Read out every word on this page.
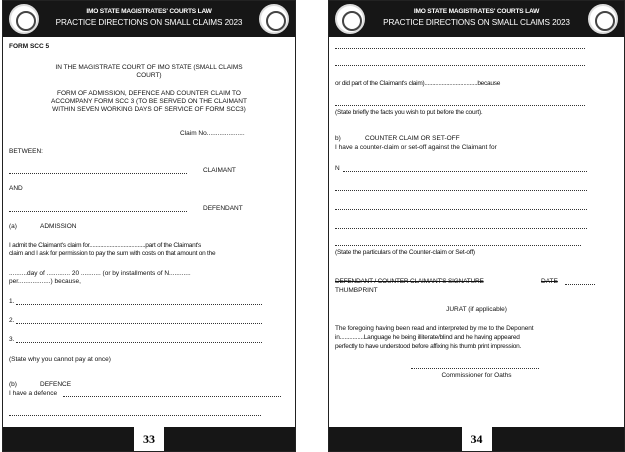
IMO STATE MAGISTRATES' COURTS LAW
PRACTICE DIRECTIONS ON SMALL CLAIMS 2023
FORM SCC 5
IN THE MAGISTRATE COURT OF IMO STATE (SMALL CLAIMS
COURT)
FORM OF ADMISSION, DEFENCE AND COUNTER CLAIM TO
ACCOMPANY FORM SCC 3 (TO BE SERVED ON THE CLAIMANT
WITHIN SEVEN WORKING DAYS OF SERVICE OF FORM SCC3)
Claim No.....................
BETWEEN:
CLAIMANT
AND
DEFENDANT
(a)	ADMISSION
I admit the Claimant's claim for....................................part of the Claimant's
claim and I ask for permission to pay the sum with costs on that amount on the
..........day of ............. 20 ........... (or by installments of N............
per..................) because,
1.
2.
3.
(State why you cannot pay at once)
(b)	DEFENCE
I have a defence
33
IMO STATE MAGISTRATES' COURTS LAW
PRACTICE DIRECTIONS ON SMALL CLAIMS 2023
or did part of the Claimant's claim)..................................because
(State briefly the facts you wish to put before the court).
b)	COUNTER CLAIM OR SET-OFF
I have a counter-claim or set-off against the Claimant for
N
(State the particulars of the Counter-claim or Set-off)
DEFENDANT / COUNTER CLAIMANT'S SIGNATURE	DATE
THUMBPRINT
JURAT (if applicable)
The foregoing having been read and interpreted by me to the Deponent
in...............Language he being illiterate/blind and he having appeared
perfectly to have understood before affixing his thumb print impression.
Commissioner for Oaths
34
